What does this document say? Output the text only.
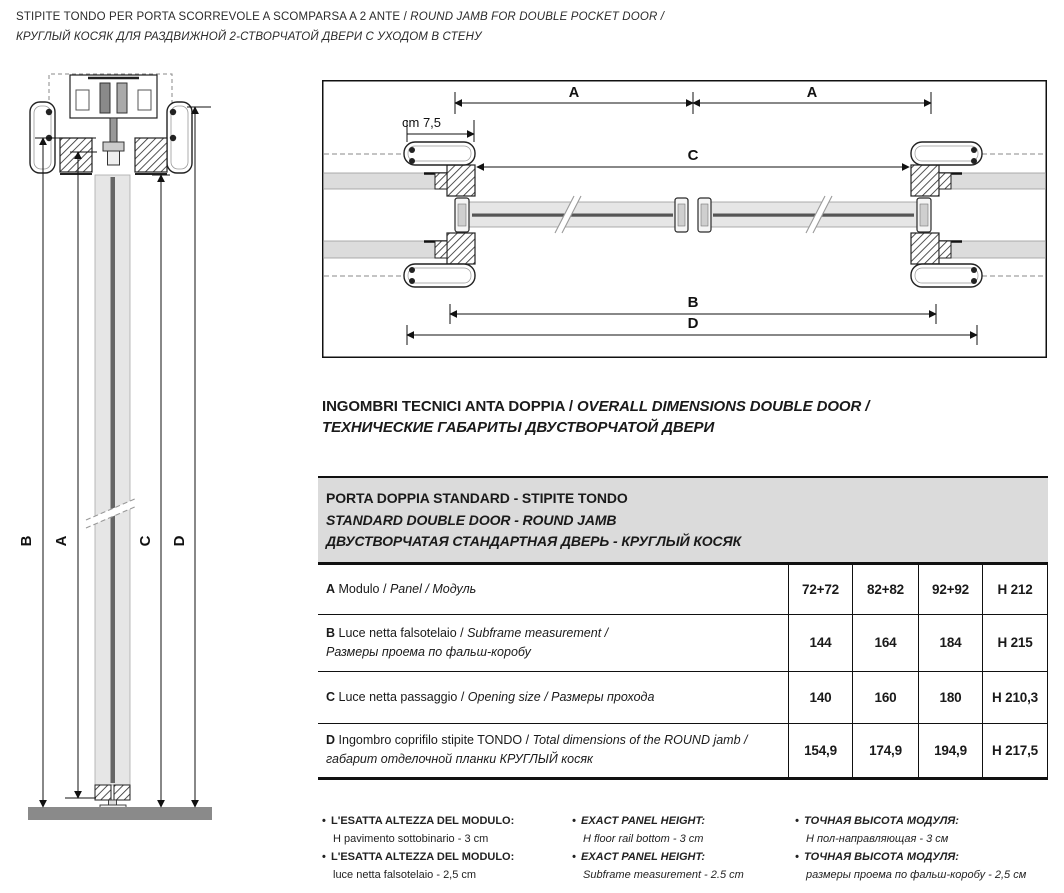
STIPITE TONDO PER PORTA SCORREVOLE A SCOMPARSA A 2 ANTE / ROUND JAMB FOR DOUBLE POCKET DOOR /
КРУГЛЫЙ КОСЯК ДЛЯ РАЗДВИЖНОЙ 2-СТВОРЧАТОЙ ДВЕРИ С УХОДОМ В СТЕНУ
B A	C D
A	A
cm 7,5
C
B
D
INGOMBRI TECNICI ANTA DOPPIA / OVERALL DIMENSIONS DOUBLE DOOR /
ТЕХНИЧЕСКИЕ ГАБАРИТЫ ДВУСТВОРЧАТОЙ ДВЕРИ
PORTA DOPPIA STANDARD - STIPITE TONDO
STANDARD DOUBLE DOOR - ROUND JAMB
ДВУСТВОРЧАТАЯ СТАНДАРТНАЯ ДВЕРЬ - КРУГЛЫЙ КОСЯК
A Modulo / Panel / Модуль	72+72	82+82	92+92	H 212
B Luce netta falsotelaio / Subframe measurement /
Размеры проема по фальш-коробу
144	164	184	H 215
C Luce netta passaggio / Opening size / Размеры прохода	140	160	180	H 210,3
D Ingombro coprifilo stipite TONDO / Total dimensions of the ROUND jamb /
габарит отделочной планки КРУГЛЫЙ косяк
154,9	174,9	194,9	H 217,5
• L'ESATTA ALTEZZA DEL MODULO:
H pavimento sottobinario - 3 cm
• L'ESATTA ALTEZZA DEL MODULO:
luce netta falsotelaio - 2,5 cm
• EXACT PANEL HEIGHT:
H floor rail bottom - 3 cm
• EXACT PANEL HEIGHT:
Subframe measurement - 2.5 cm
• ТОЧНАЯ ВЫСОТА МОДУЛЯ:
Н пол-направляющая - 3 см
• ТОЧНАЯ ВЫСОТА МОДУЛЯ:
размеры проема по фальш-коробу - 2,5 см
